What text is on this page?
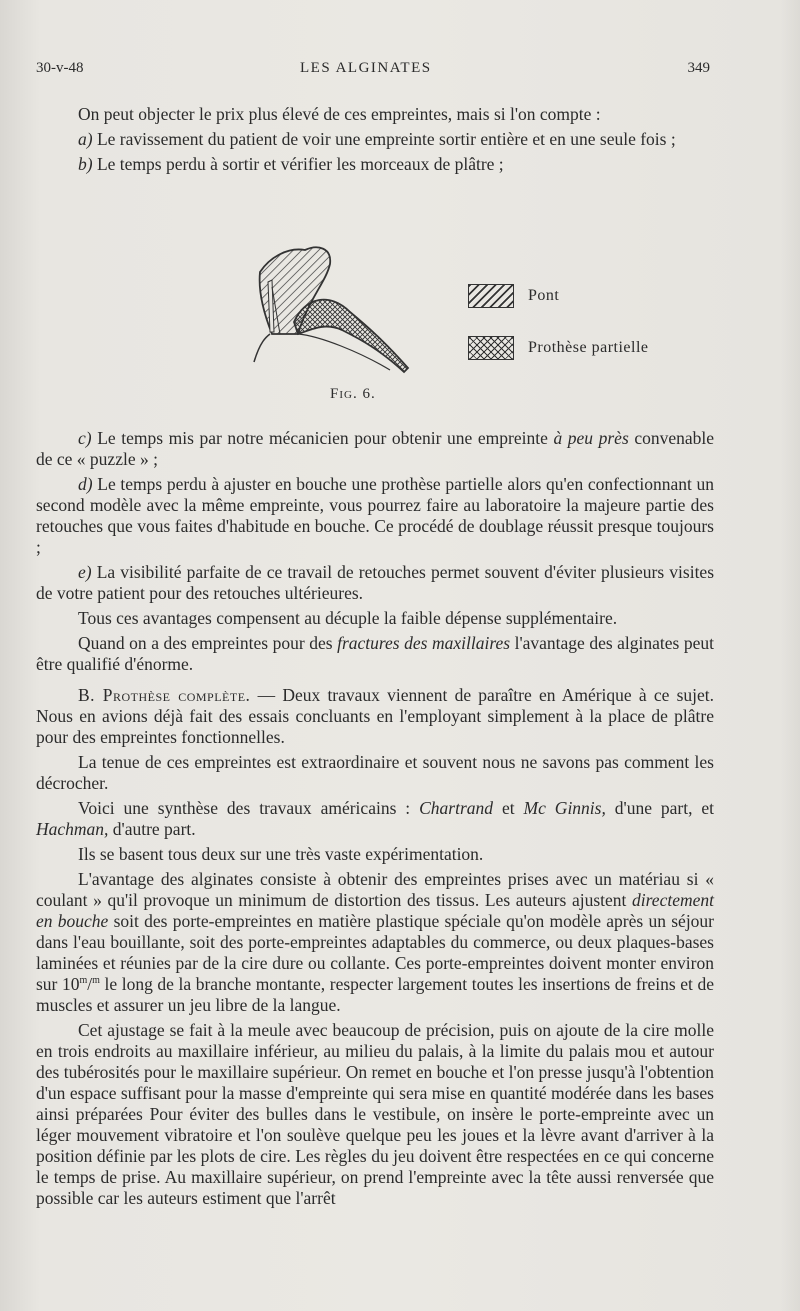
30-v-48	LES ALGINATES	349

On peut objecter le prix plus élevé de ces empreintes, mais si l'on compte :

a) Le ravissement du patient de voir une empreinte sortir entière et en une seule fois ;

b) Le temps perdu à sortir et vérifier les morceaux de plâtre ;

Pont
Prothèse partielle
Fig. 6.

c) Le temps mis par notre mécanicien pour obtenir une empreinte à peu près convenable de ce « puzzle » ;

d) Le temps perdu à ajuster en bouche une prothèse partielle alors qu'en confectionnant un second modèle avec la même empreinte, vous pourrez faire au laboratoire la majeure partie des retouches que vous faites d'habitude en bouche. Ce procédé de doublage réussit presque toujours ;

e) La visibilité parfaite de ce travail de retouches permet souvent d'éviter plusieurs visites de votre patient pour des retouches ultérieures.

Tous ces avantages compensent au décuple la faible dépense supplémentaire.

Quand on a des empreintes pour des fractures des maxillaires l'avantage des alginates peut être qualifié d'énorme.

B. Prothèse complète. — Deux travaux viennent de paraître en Amérique à ce sujet. Nous en avions déjà fait des essais concluants en l'employant simplement à la place de plâtre pour des empreintes fonctionnelles.

La tenue de ces empreintes est extraordinaire et souvent nous ne savons pas comment les décrocher.

Voici une synthèse des travaux américains : Chartrand et Mc Ginnis, d'une part, et Hachman, d'autre part.

Ils se basent tous deux sur une très vaste expérimentation.

L'avantage des alginates consiste à obtenir des empreintes prises avec un matériau si « coulant » qu'il provoque un minimum de distortion des tissus. Les auteurs ajustent directement en bouche soit des porte-empreintes en matière plastique spéciale qu'on modèle après un séjour dans l'eau bouillante, soit des porte-empreintes adaptables du commerce, ou deux plaques-bases laminées et réunies par de la cire dure ou collante. Ces porte-empreintes doivent monter environ sur 10$^m$/$^m$ le long de la branche montante, respecter largement toutes les insertions de freins et de muscles et assurer un jeu libre de la langue.

Cet ajustage se fait à la meule avec beaucoup de précision, puis on ajoute de la cire molle en trois endroits au maxillaire inférieur, au milieu du palais, à la limite du palais mou et autour des tubérosités pour le maxillaire supérieur. On remet en bouche et l'on presse jusqu'à l'obtention d'un espace suffisant pour la masse d'empreinte qui sera mise en quantité modérée dans les bases ainsi préparées Pour éviter des bulles dans le vestibule, on insère le porte-empreinte avec un léger mouvement vibratoire et l'on soulève quelque peu les joues et la lèvre avant d'arriver à la position définie par les plots de cire. Les règles du jeu doivent être respectées en ce qui concerne le temps de prise. Au maxillaire supérieur, on prend l'empreinte avec la tête aussi renversée que possible car les auteurs estiment que l'arrêt
